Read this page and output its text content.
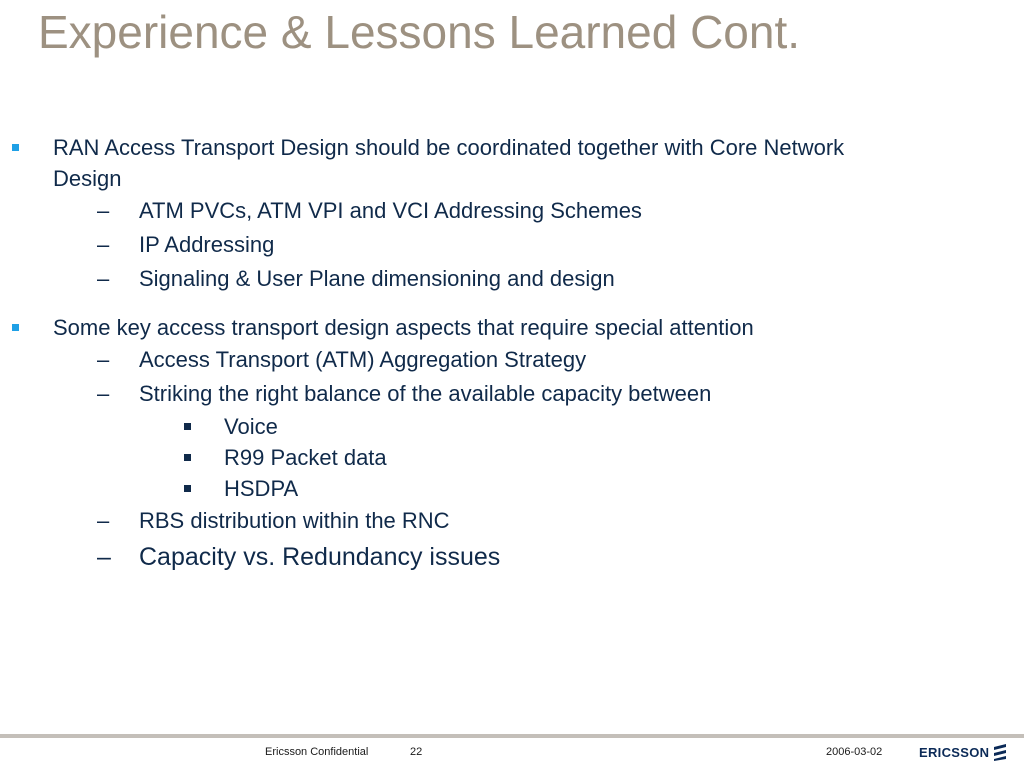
Experience & Lessons Learned Cont.
RAN Access Transport Design should be coordinated together with Core Network Design
– ATM PVCs, ATM VPI and VCI Addressing Schemes
– IP Addressing
– Signaling & User Plane dimensioning and design
Some key access transport design aspects that require special attention
– Access Transport (ATM) Aggregation Strategy
– Striking the right balance of the available capacity between
Voice
R99 Packet data
HSDPA
– RBS distribution within the RNC
– Capacity vs. Redundancy issues
Ericsson Confidential	22	2006-03-02	ERICSSON
